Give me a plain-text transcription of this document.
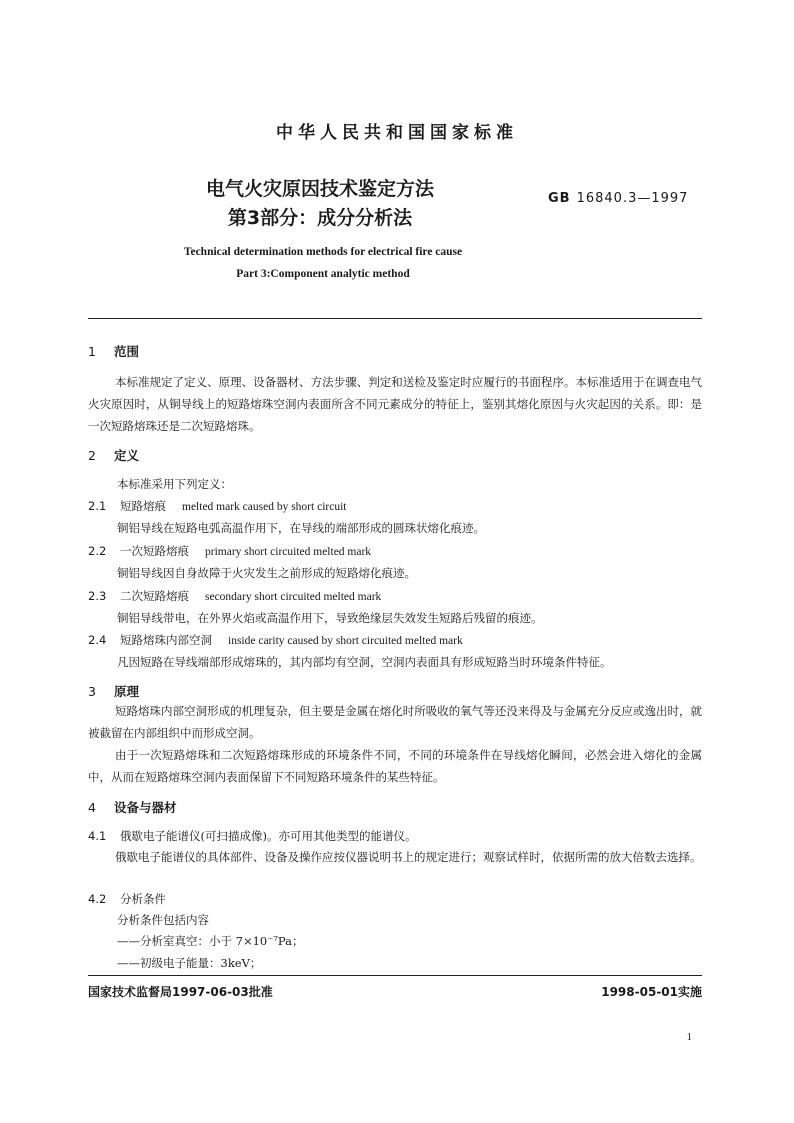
中华人民共和国国家标准
电气火灾原因技术鉴定方法
第3部分：成分分析法
GB 16840.3—1997
Technical determination methods for electrical fire cause
Part 3:Component analytic method
1 范围
本标准规定了定义、原理、设备器材、方法步骤、判定和送检及鉴定时应履行的书面程序。本标准适用于在调查电气火灾原因时，从铜导线上的短路熔珠空洞内表面所含不同元素成分的特征上，鉴别其熔化原因与火灾起因的关系。即：是一次短路熔珠还是二次短路熔珠。
2 定义
本标准采用下列定义：
2.1 短路熔痕 melted mark caused by short circuit
铜铝导线在短路电弧高温作用下，在导线的端部形成的圆珠状熔化痕迹。
2.2 一次短路熔痕 primary short circuited melted mark
铜铝导线因自身故障于火灾发生之前形成的短路熔化痕迹。
2.3 二次短路熔痕 secondary short circuited melted mark
铜铝导线带电，在外界火焰或高温作用下，导致绝缘层失效发生短路后残留的痕迹。
2.4 短路熔珠内部空洞 inside carity caused by short circuited melted mark
凡因短路在导线端部形成熔珠的，其内部均有空洞，空洞内表面具有形成短路当时环境条件特征。
3 原理
短路熔珠内部空洞形成的机理复杂，但主要是金属在熔化时所吸收的氧气等还没来得及与金属充分反应或逸出时，就被截留在内部组织中而形成空洞。
由于一次短路熔珠和二次短路熔珠形成的环境条件不同，不同的环境条件在导线熔化瞬间，必然会进入熔化的金属中，从而在短路熔珠空洞内表面保留下不同短路环境条件的某些特征。
4 设备与器材
4.1 俄歇电子能谱仪(可扫描成像)。亦可用其他类型的能谱仪。
俄歇电子能谱仪的具体部件、设备及操作应按仪器说明书上的规定进行；观察试样时，依据所需的放大倍数去选择。
4.2 分析条件
分析条件包括内容
——分析室真空：小于 7×10⁻⁷Pa；
——初级电子能量：3keV；
国家技术监督局1997-06-03批准	1998-05-01实施
1
